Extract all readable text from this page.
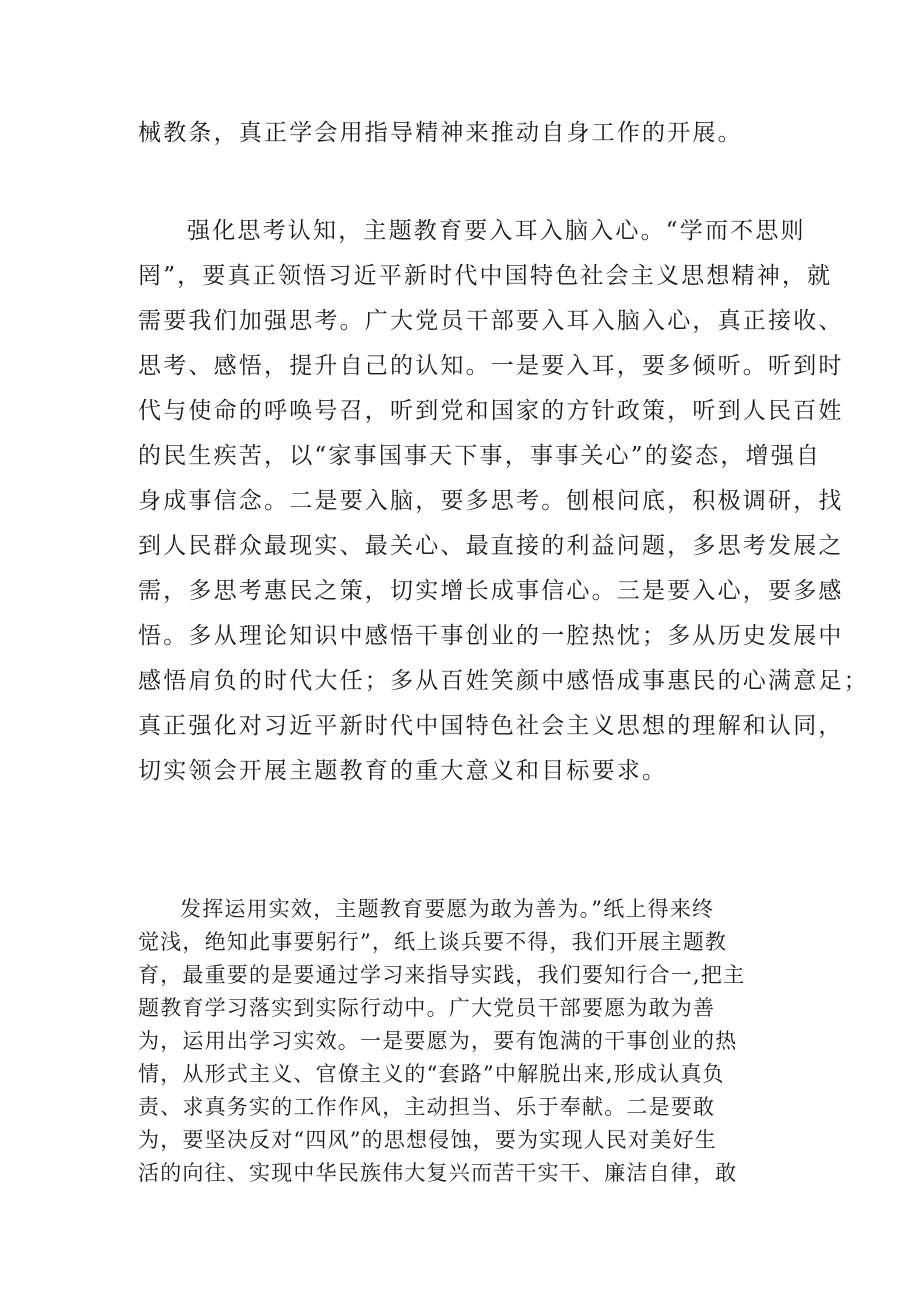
械教条，真正学会用指导精神来推动自身工作的开展。

强化思考认知，主题教育要入耳入脑入心。“学而不思则

罔”，要真正领悟习近平新时代中国特色社会主义思想精神，就

需要我们加强思考。广大党员干部要入耳入脑入心，真正接收、

思考、感悟，提升自己的认知。一是要入耳，要多倾听。听到时

代与使命的呼唤号召，听到党和国家的方针政策，听到人民百姓

的民生疾苦，以“家事国事天下事，事事关心”的姿态，增强自

身成事信念。二是要入脑，要多思考。刨根问底，积极调研，找

到人民群众最现实、最关心、最直接的利益问题，多思考发展之

需，多思考惠民之策，切实增长成事信心。三是要入心，要多感

悟。多从理论知识中感悟干事创业的一腔热忱；多从历史发展中

感悟肩负的时代大任；多从百姓笑颜中感悟成事惠民的心满意足；

真正强化对习近平新时代中国特色社会主义思想的理解和认同，

切实领会开展主题教育的重大意义和目标要求。

发挥运用实效，主题教育要愿为敢为善为。”纸上得来终

觉浅，绝知此事要躬行”，纸上谈兵要不得，我们开展主题教

育，最重要的是要通过学习来指导实践，我们要知行合一,把主

题教育学习落实到实际行动中。广大党员干部要愿为敢为善

为，运用出学习实效。一是要愿为，要有饱满的干事创业的热

情，从形式主义、官僚主义的“套路”中解脱出来,形成认真负

责、求真务实的工作作风，主动担当、乐于奉献。二是要敢

为，要坚决反对“四风”的思想侵蚀，要为实现人民对美好生

活的向往、实现中华民族伟大复兴而苦干实干、廉洁自律，敢
